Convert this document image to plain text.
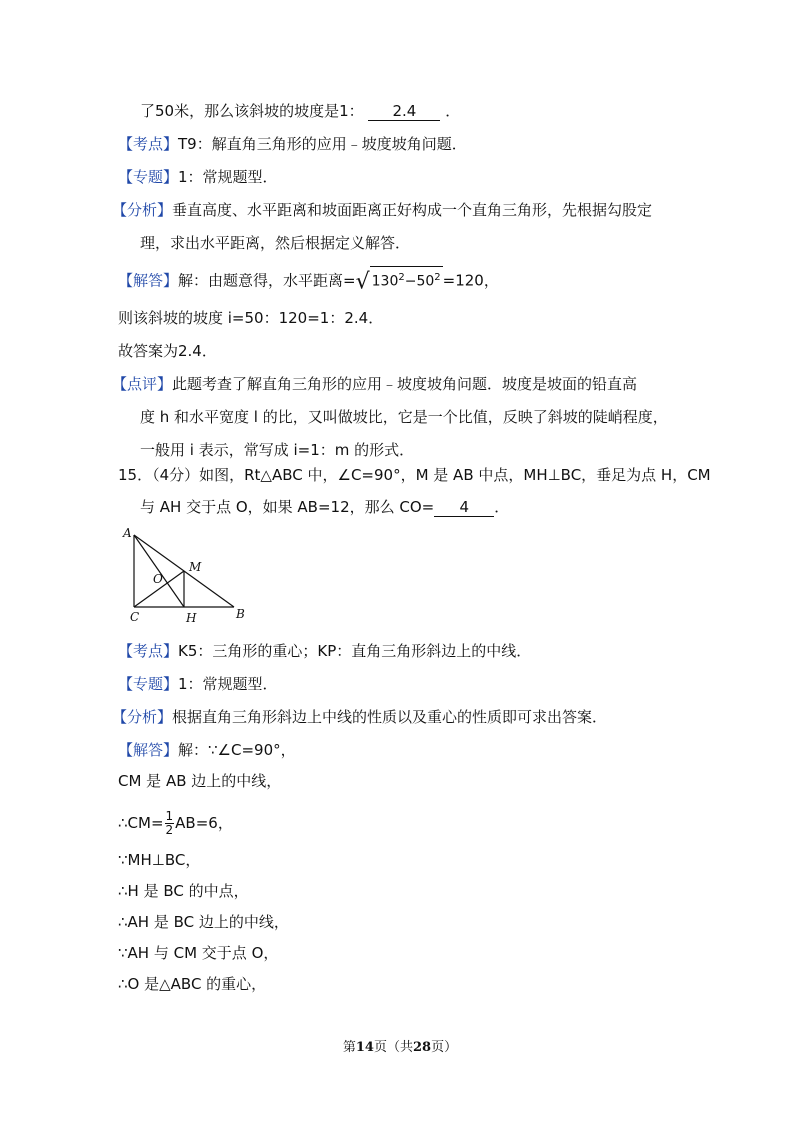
了50米，那么该斜坡的坡度是1： 2.4 ．
【考点】T9：解直角三角形的应用﹣坡度坡角问题．
【专题】1：常规题型．
【分析】垂直高度、水平距离和坡面距离正好构成一个直角三角形，先根据勾股定
理，求出水平距离，然后根据定义解答．
【解答】解：由题意得，水平距离=√ $130^2-50^2 =120$，
则该斜坡的坡度 i=50：120=1：2.4．
故答案为2.4．
【点评】此题考查了解直角三角形的应用﹣坡度坡角问题．坡度是坡面的铅直高
度 h 和水平宽度 l 的比，又叫做坡比，它是一个比值，反映了斜坡的陡峭程度，
一般用 i 表示，常写成 i=1：m 的形式．
15．（4分）如图，Rt△ABC 中，∠C=90°，M 是 AB 中点，MH⊥BC，垂足为点 H，CM
与 AH 交于点 O，如果 AB=12，那么 CO= 4 ．
A
M
O
C	H	B
【考点】K5：三角形的重心；KP：直角三角形斜边上的中线．
【专题】1：常规题型．
【分析】根据直角三角形斜边上中线的性质以及重心的性质即可求出答案．
【解答】解：∵∠C=90°，
CM 是 AB 边上的中线，
∴CM= $\frac{1}{2} AB=6$，
∵MH⊥BC，
∴H 是 BC 的中点，
∴AH 是 BC 边上的中线，
∵AH 与 CM 交于点 O，
∴O 是△ABC 的重心，
第14页（共28页）
